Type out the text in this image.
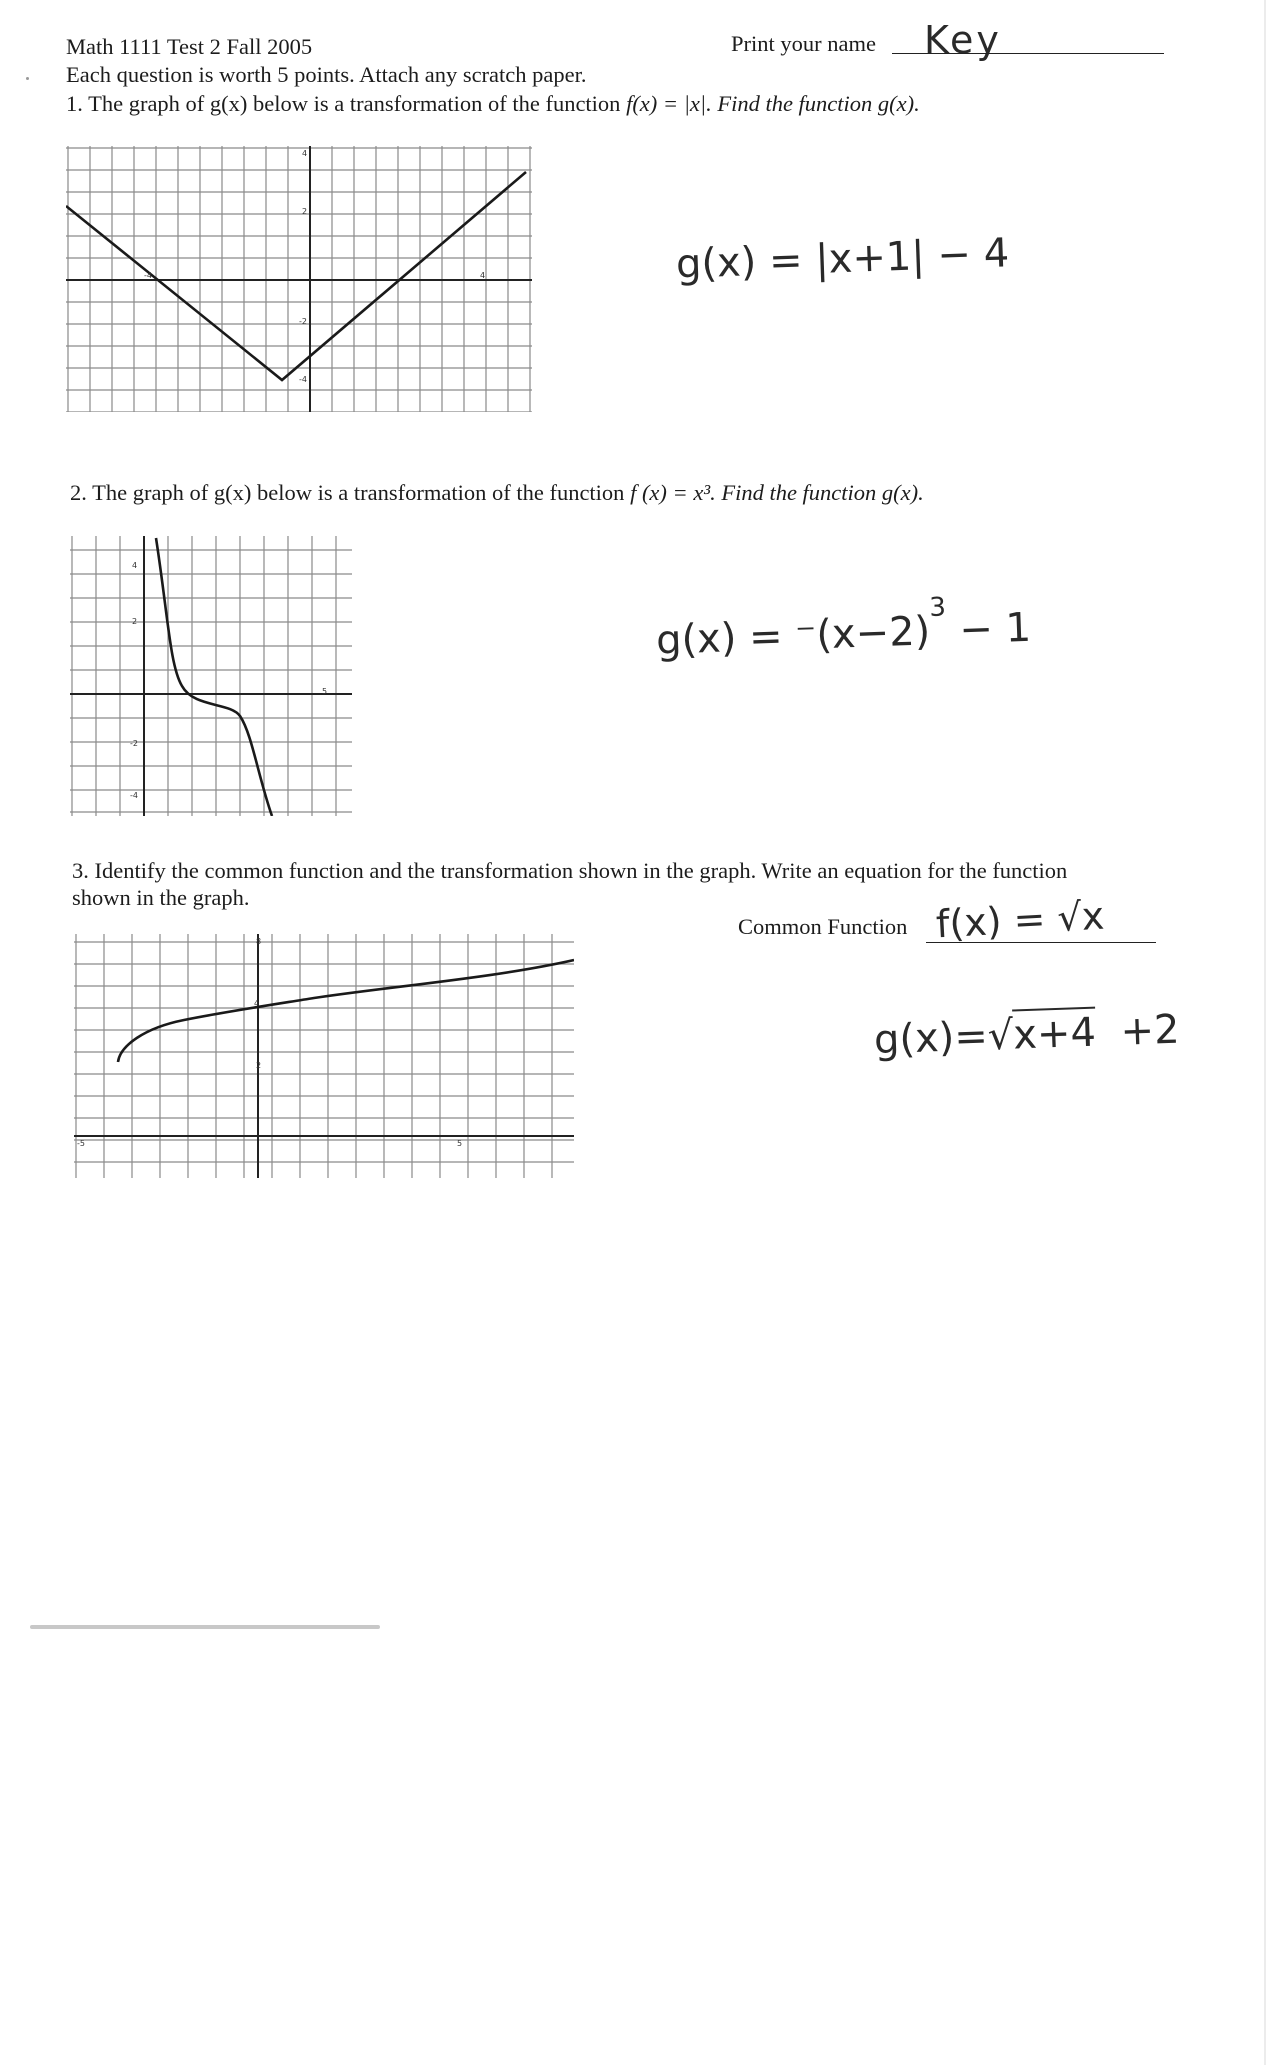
Math 1111 Test 2 Fall 2005	Print your name Key
Each question is worth 5 points. Attach any scratch paper.
1. The graph of g(x) below is a transformation of the function f(x) = |x|. Find the function g(x).
4
2
-4	4
-2
-4
g(x) = |x+1| − 4
2. The graph of g(x) below is a transformation of the function f (x) = x³. Find the function g(x).
4
2
5
-2
-4
$g(x) = ^-(x-2)^3 - 1$
3. Identify the common function and the transformation shown in the graph. Write an equation for the function
shown in the graph.
Common Function f(x) = √x
g(x)=√x+4 +2
8
4
2
-5	5
